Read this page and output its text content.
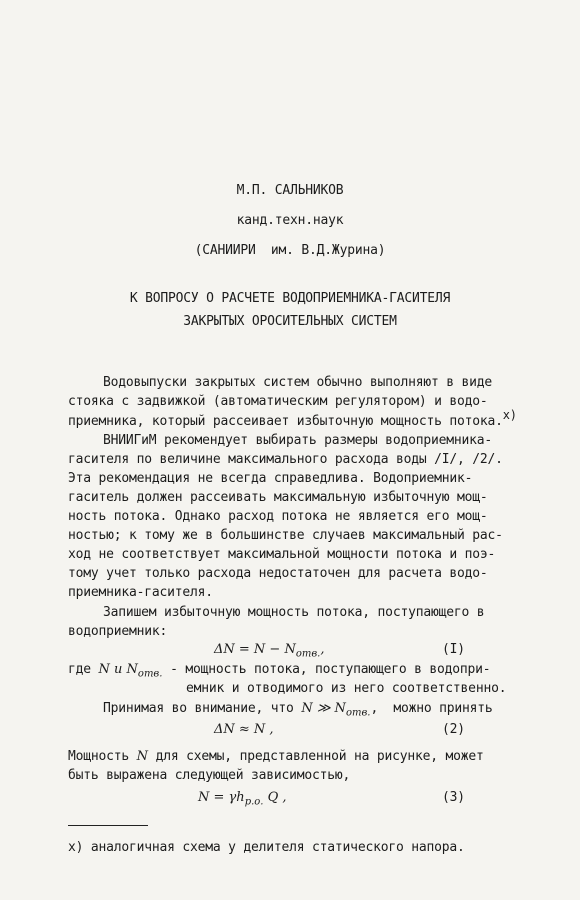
М.П. САЛЬНИКОВ
канд.техн.наук
(САНИИРИ  им. В.Д.Журина)
К ВОПРОСУ О РАСЧЕТЕ ВОДОПРИЕМНИКА-ГАСИТЕЛЯ
ЗАКРЫТЫХ ОРОСИТЕЛЬНЫХ СИСТЕМ
Водовыпуски закрытых систем обычно выполняют в виде
стояка с задвижкой (автоматическим регулятором) и водо-
приемника, который рассеивает избыточную мощность потока.x)
ВНИИГиМ рекомендует выбирать размеры водоприемника-
гасителя по величине максимального расхода воды /I/, /2/.
Эта рекомендация не всегда справедлива. Водоприемник-
гаситель должен рассеивать максимальную избыточную мощ-
ность потока. Однако расход потока не является его мощ-
ностью; к тому же в большинстве случаев максимальный рас-
ход не соответствует максимальной мощности потока и поэ-
тому учет только расхода недостаточен для расчета водо-
приемника-гасителя.
Запишем избыточную мощность потока, поступающего в
водоприемник:
$\Delta N = N - N_{отв.}$,	(I)
где N и $N_{отв.}$ - мощность потока, поступающего в водопри-
емник и отводимого из него соответственно.
Принимая во внимание, что N ≫ $N_{отв.}$,  можно принять
ΔN ≈ N ,	(2)
Мощность N для схемы, представленной на рисунке, может
быть выражена следующей зависимостью,
$N = \gamma h_{р.о.}$ Q ,	(3)
x) аналогичная схема у делителя статического напора.
